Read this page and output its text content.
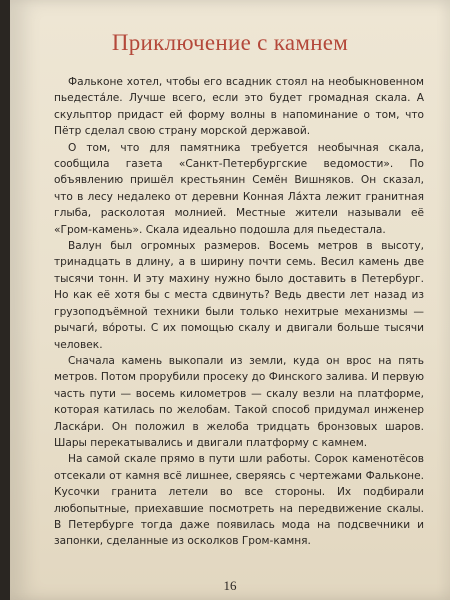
Приключение с камнем

Фальконе хотел, чтобы его всадник стоял на необыкновенном пьедеста́ле. Лучше всего, если это будет громадная скала. А скульптор придаст ей форму волны в напоминание о том, что Пётр сделал свою страну морской державой.

О том, что для памятника требуется необычная скала, сообщила газета «Санкт-Петербургские ведомости». По объявлению пришёл крестьянин Семён Вишняков. Он сказал, что в лесу недалеко от деревни Конная Ла́хта лежит гранитная глыба, расколотая молнией. Местные жители называли её «Гром-камень». Скала идеально подошла для пьедестала.

Валун был огромных размеров. Восемь метров в высоту, тринадцать в длину, а в ширину почти семь. Весил камень две тысячи тонн. И эту махину нужно было доставить в Петербург. Но как её хотя бы с места сдвинуть? Ведь двести лет назад из грузоподъёмной техники были только нехитрые механизмы — рычаги́, во́роты. С их помощью скалу и двигали больше тысячи человек.

Сначала камень выкопали из земли, куда он врос на пять метров. Потом прорубили просеку до Финского залива. И первую часть пути — восемь километров — скалу везли на платформе, которая катилась по желобам. Такой способ придумал инженер Ласка́ри. Он положил в желоба тридцать бронзовых шаров. Шары перекатывались и двигали платформу с камнем.

На самой скале прямо в пути шли работы. Сорок каменотёсов отсекали от камня всё лишнее, сверяясь с чертежами Фальконе. Кусочки гранита летели во все стороны. Их подбирали любопытные, приехавшие посмотреть на передвижение скалы. В Петербурге тогда даже появилась мода на подсвечники и запонки, сделанные из осколков Гром-камня.

16
